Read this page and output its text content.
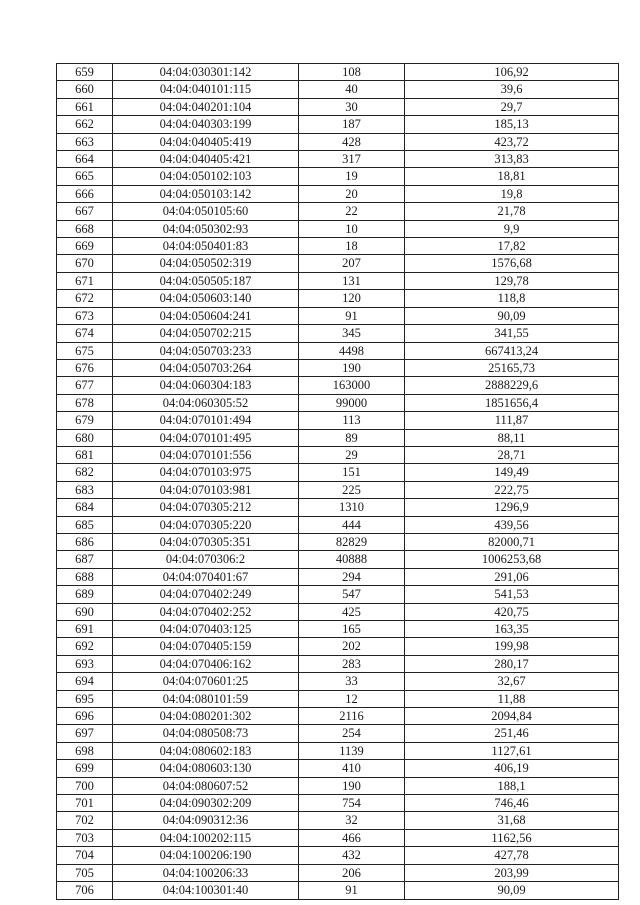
659	04:04:030301:142	108	106,92
660	04:04:040101:115	40	39,6
661	04:04:040201:104	30	29,7
662	04:04:040303:199	187	185,13
663	04:04:040405:419	428	423,72
664	04:04:040405:421	317	313,83
665	04:04:050102:103	19	18,81
666	04:04:050103:142	20	19,8
667	04:04:050105:60	22	21,78
668	04:04:050302:93	10	9,9
669	04:04:050401:83	18	17,82
670	04:04:050502:319	207	1576,68
671	04:04:050505:187	131	129,78
672	04:04:050603:140	120	118,8
673	04:04:050604:241	91	90,09
674	04:04:050702:215	345	341,55
675	04:04:050703:233	4498	667413,24
676	04:04:050703:264	190	25165,73
677	04:04:060304:183	163000	2888229,6
678	04:04:060305:52	99000	1851656,4
679	04:04:070101:494	113	111,87
680	04:04:070101:495	89	88,11
681	04:04:070101:556	29	28,71
682	04:04:070103:975	151	149,49
683	04:04:070103:981	225	222,75
684	04:04:070305:212	1310	1296,9
685	04:04:070305:220	444	439,56
686	04:04:070305:351	82829	82000,71
687	04:04:070306:2	40888	1006253,68
688	04:04:070401:67	294	291,06
689	04:04:070402:249	547	541,53
690	04:04:070402:252	425	420,75
691	04:04:070403:125	165	163,35
692	04:04:070405:159	202	199,98
693	04:04:070406:162	283	280,17
694	04:04:070601:25	33	32,67
695	04:04:080101:59	12	11,88
696	04:04:080201:302	2116	2094,84
697	04:04:080508:73	254	251,46
698	04:04:080602:183	1139	1127,61
699	04:04:080603:130	410	406,19
700	04:04:080607:52	190	188,1
701	04:04:090302:209	754	746,46
702	04:04:090312:36	32	31,68
703	04:04:100202:115	466	1162,56
704	04:04:100206:190	432	427,78
705	04:04:100206:33	206	203,99
706	04:04:100301:40	91	90,09
